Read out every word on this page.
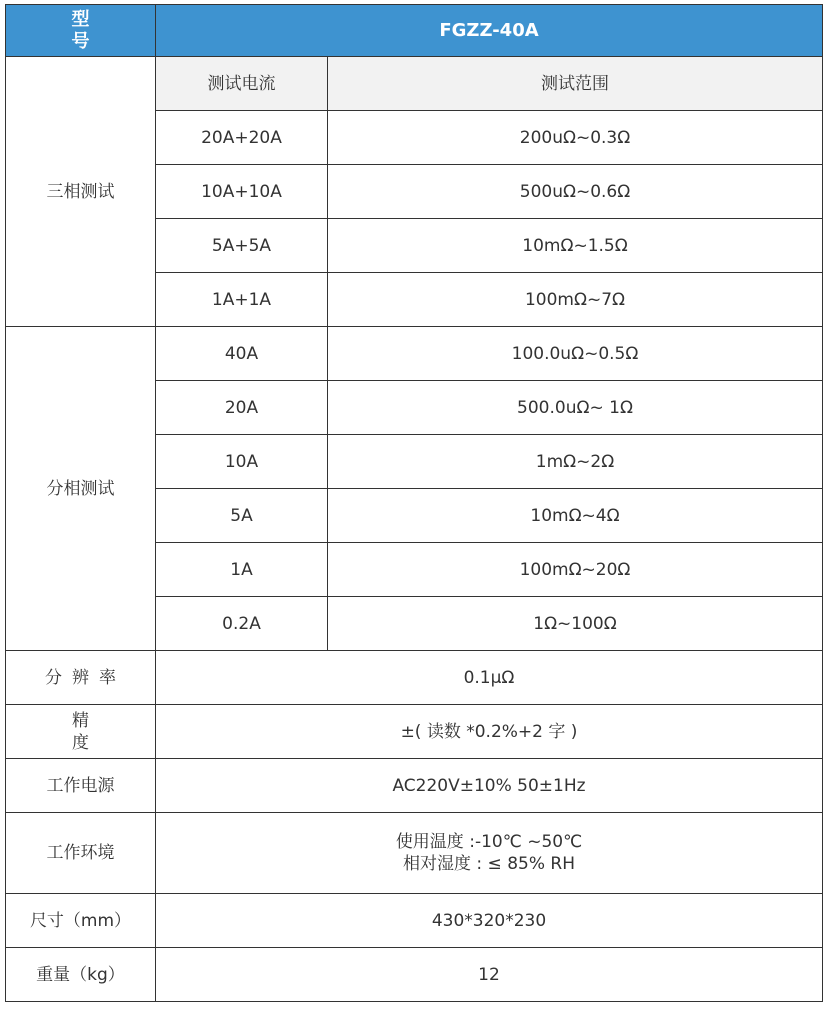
型 号	FGZZ-40A	
三相测试	测试电流	测试范围
	20A+20A	200uΩ~0.3Ω
	10A+10A	500uΩ~0.6Ω
	5A+5A	10mΩ~1.5Ω
	1A+1A	100mΩ~7Ω
分相测试	40A	100.0uΩ~0.5Ω
	20A	500.0uΩ~ 1Ω
	10A	1mΩ~2Ω
	5A	10mΩ~4Ω
	1A	100mΩ~20Ω
	0.2A	1Ω~100Ω
分辨率	0.1μΩ	
精度	±( 读数 *0.2%+2 字 )	
工作电源	AC220V±10% 50±1Hz	
工作环境	使用温度 :-10℃ ~50℃
相对湿度 : ≤ 85% RH	

尺寸（mm）	430*320*230	
重量（kg）	12	
